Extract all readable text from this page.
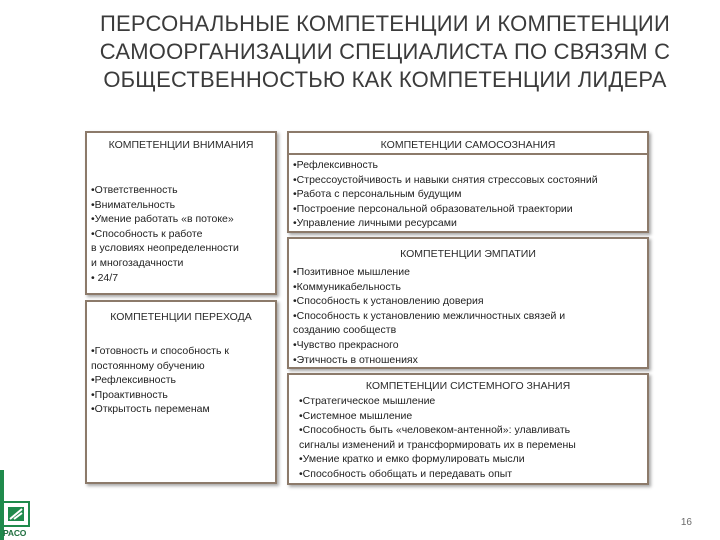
ПЕРСОНАЛЬНЫЕ КОМПЕТЕНЦИИ И КОМПЕТЕНЦИИ
САМООРГАНИЗАЦИИ СПЕЦИАЛИСТА ПО СВЯЗЯМ С
ОБЩЕСТВЕННОСТЬЮ КАК КОМПЕТЕНЦИИ ЛИДЕРА
КОМПЕТЕНЦИИ ВНИМАНИЯ
•Ответственность
•Внимательность
•Умение работать «в потоке»
•Способность к работе
в условиях неопределенности
и многозадачности
• 24/7
КОМПЕТЕНЦИИ ПЕРЕХОДА
•Готовность и способность к
постоянному обучению
•Рефлексивность
•Проактивность
•Открытость переменам
КОМПЕТЕНЦИИ САМОСОЗНАНИЯ
•Рефлексивность
•Стрессоустойчивость и навыки снятия стрессовых состояний
•Работа с персональным будущим
•Построение персональной образовательной траектории
•Управление личными ресурсами
КОМПЕТЕНЦИИ ЭМПАТИИ
•Позитивное мышление
•Коммуникабельность
•Способность к установлению доверия
•Способность к установлению межличностных связей и
созданию сообществ
•Чувство прекрасного
•Этичность в отношениях
КОМПЕТЕНЦИИ СИСТЕМНОГО ЗНАНИЯ
•Стратегическое мышление
•Системное мышление
•Способность быть «человеком-антенной»: улавливать
сигналы изменений и трансформировать их в перемены
•Умение кратко и емко формулировать мысли
•Способность обобщать и передавать опыт
РАСО
16
